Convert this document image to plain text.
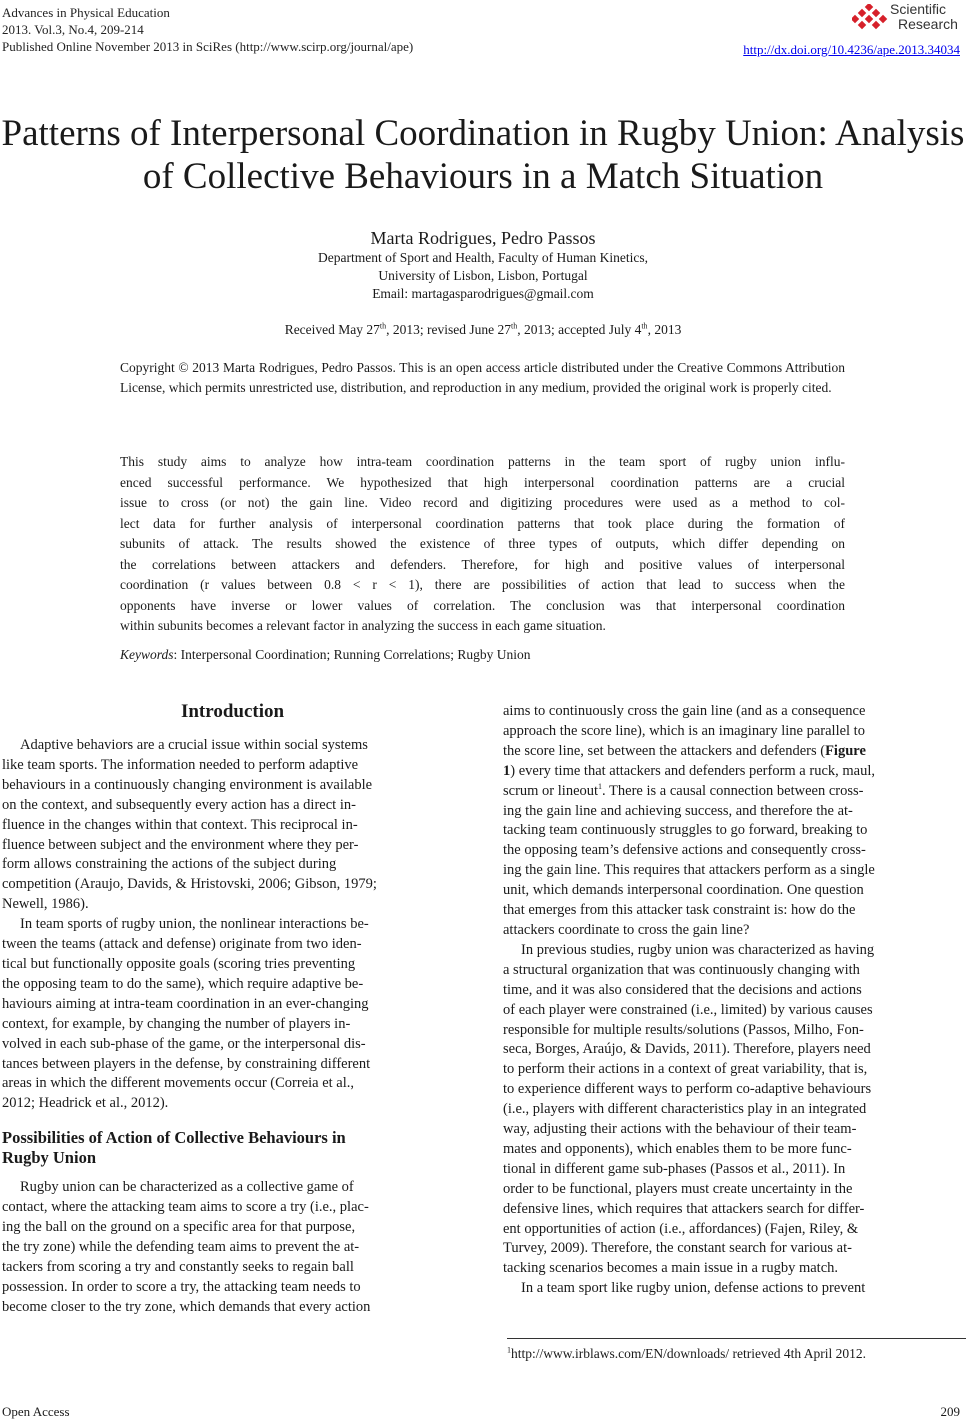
Advances in Physical Education
2013. Vol.3, No.4, 209-214
Published Online November 2013 in SciRes (http://www.scirp.org/journal/ape)
Scientific
Research
http://dx.doi.org/10.4236/ape.2013.34034
Patterns of Interpersonal Coordination in Rugby Union: Analysis
of Collective Behaviours in a Match Situation
Marta Rodrigues, Pedro Passos
Department of Sport and Health, Faculty of Human Kinetics,
University of Lisbon, Lisbon, Portugal
Email: martagasparodrigues@gmail.com
Received May 27th, 2013; revised June 27th, 2013; accepted July 4th, 2013
Copyright © 2013 Marta Rodrigues, Pedro Passos. This is an open access article distributed under the Creative Commons Attribution License, which permits unrestricted use, distribution, and reproduction in any medium, provided the original work is properly cited.
This study aims to analyze how intra-team coordination patterns in the team sport of rugby union influ-
enced successful performance. We hypothesized that high interpersonal coordination patterns are a crucial
issue to cross (or not) the gain line. Video record and digitizing procedures were used as a method to col-
lect data for further analysis of interpersonal coordination patterns that took place during the formation of
subunits of attack. The results showed the existence of three types of outputs, which differ depending on
the correlations between attackers and defenders. Therefore, for high and positive values of interpersonal
coordination (r values between 0.8 < r < 1), there are possibilities of action that lead to success when the
opponents have inverse or lower values of correlation. The conclusion was that interpersonal coordination
within subunits becomes a relevant factor in analyzing the success in each game situation.
Keywords: Interpersonal Coordination; Running Correlations; Rugby Union
Introduction

Adaptive behaviors are a crucial issue within social systems
like team sports. The information needed to perform adaptive
behaviours in a continuously changing environment is available
on the context, and subsequently every action has a direct in-
fluence in the changes within that context. This reciprocal in-
fluence between subject and the environment where they per-
form allows constraining the actions of the subject during
competition (Araujo, Davids, & Hristovski, 2006; Gibson, 1979;
Newell, 1986).

In team sports of rugby union, the nonlinear interactions be-
tween the teams (attack and defense) originate from two iden-
tical but functionally opposite goals (scoring tries preventing
the opposing team to do the same), which require adaptive be-
haviours aiming at intra-team coordination in an ever-changing
context, for example, by changing the number of players in-
volved in each sub-phase of the game, or the interpersonal dis-
tances between players in the defense, by constraining different
areas in which the different movements occur (Correia et al.,
2012; Headrick et al., 2012).

Possibilities of Action of Collective Behaviours in
Rugby Union

Rugby union can be characterized as a collective game of
contact, where the attacking team aims to score a try (i.e., plac-
ing the ball on the ground on a specific area for that purpose,
the try zone) while the defending team aims to prevent the at-
tackers from scoring a try and constantly seeks to regain ball
possession. In order to score a try, the attacking team needs to
become closer to the try zone, which demands that every action

aims to continuously cross the gain line (and as a consequence
approach the score line), which is an imaginary line parallel to
the score line, set between the attackers and defenders (Figure
1) every time that attackers and defenders perform a ruck, maul,
scrum or lineout$^1$. There is a causal connection between cross-
ing the gain line and achieving success, and therefore the at-
tacking team continuously struggles to go forward, breaking to
the opposing team’s defensive actions and consequently cross-
ing the gain line. This requires that attackers perform as a single
unit, which demands interpersonal coordination. One question
that emerges from this attacker task constraint is: how do the
attackers coordinate to cross the gain line?

In previous studies, rugby union was characterized as having
a structural organization that was continuously changing with
time, and it was also considered that the decisions and actions
of each player were constrained (i.e., limited) by various causes
responsible for multiple results/solutions (Passos, Milho, Fon-
seca, Borges, Araújo, & Davids, 2011). Therefore, players need
to perform their actions in a context of great variability, that is,
to experience different ways to perform co-adaptive behaviours
(i.e., players with different characteristics play in an integrated
way, adjusting their actions with the behaviour of their team-
mates and opponents), which enables them to be more func-
tional in different game sub-phases (Passos et al., 2011). In
order to be functional, players must create uncertainty in the
defensive lines, which requires that attackers search for differ-
ent opportunities of action (i.e., affordances) (Fajen, Riley, &
Turvey, 2009). Therefore, the constant search for various at-
tacking scenarios becomes a main issue in a rugby match.

In a team sport like rugby union, defense actions to prevent

$^1$http://www.irblaws.com/EN/downloads/ retrieved 4th April 2012.
Open Access	209
